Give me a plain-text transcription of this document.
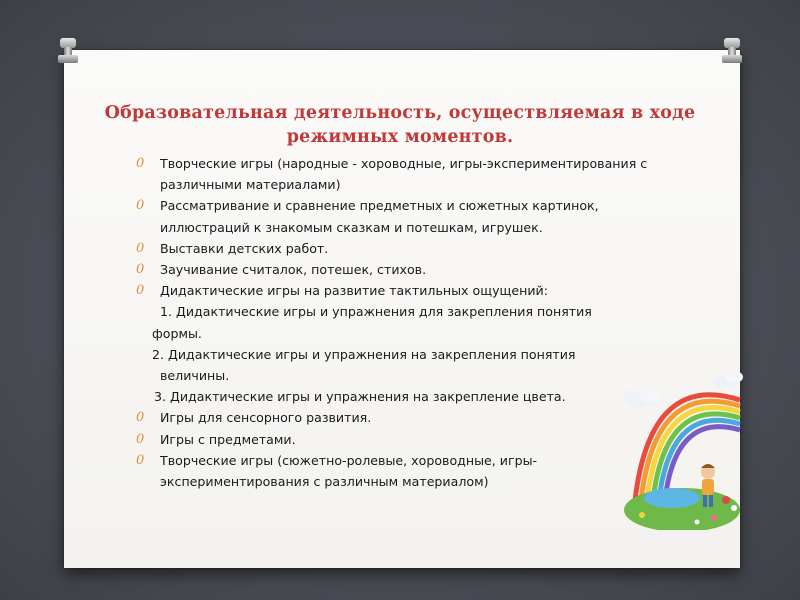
Образовательная деятельность, осуществляемая в ходе режимных моментов.
0 Творческие игры (народные - хороводные, игры-экспериментирования с различными материалами)
0 Рассматривание и сравнение предметных и сюжетных картинок, иллюстраций к знакомым сказкам и потешкам, игрушек.
0 Выставки детских работ.
0 Заучивание считалок, потешек, стихов.
0 Дидактические игры на развитие тактильных ощущений:
1. Дидактические игры и упражнения для закрепления понятия
формы.
2. Дидактические игры и упражнения на закрепления понятия
величины.
3. Дидактические игры и упражнения на закрепление цвета.
0 Игры для сенсорного развития.
0 Игры с предметами.
0 Творческие игры (сюжетно-ролевые, хороводные, игры-экспериментирования с различным материалом)
